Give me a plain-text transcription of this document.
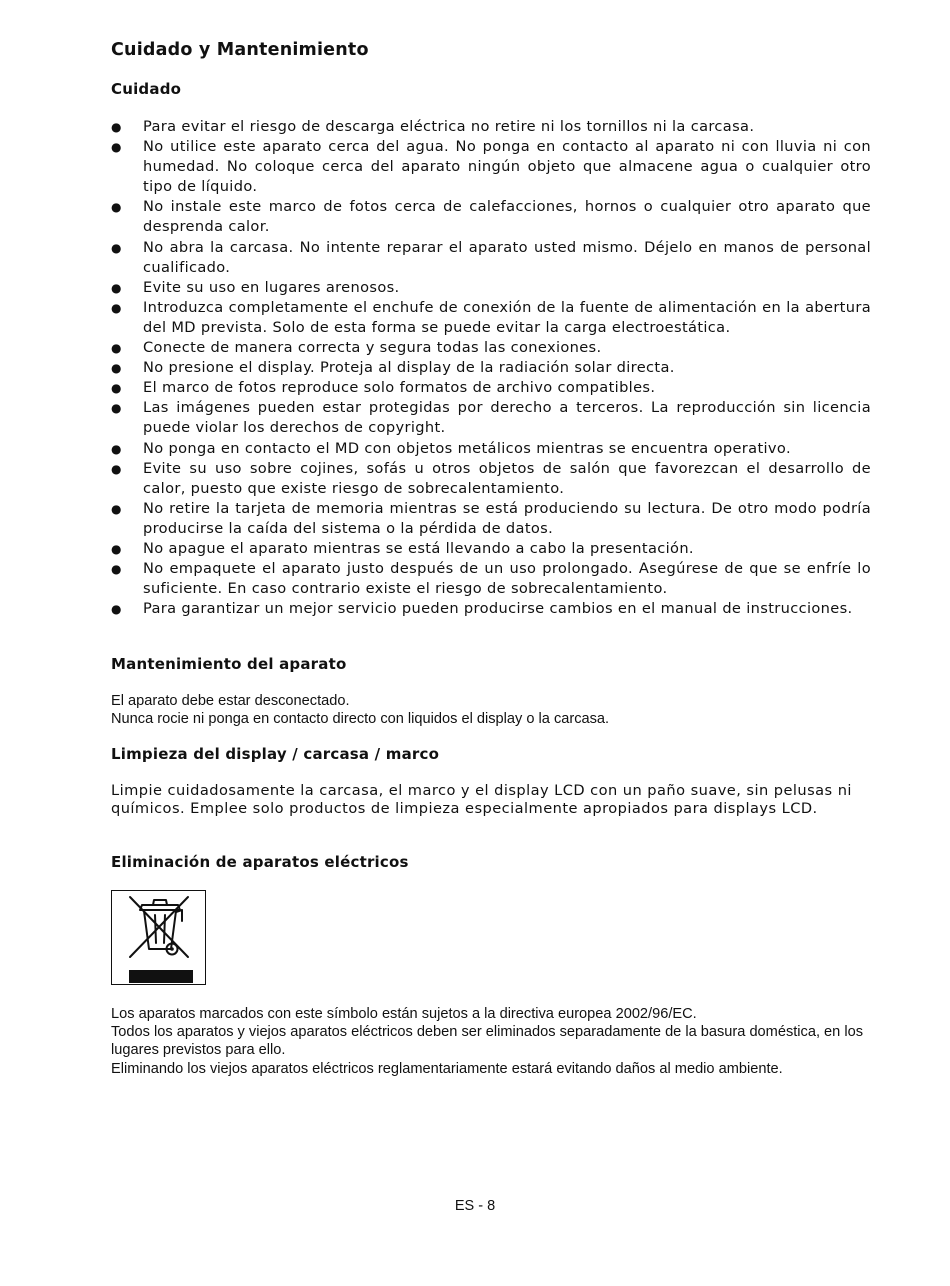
Cuidado y Mantenimiento
Cuidado
● Para evitar el riesgo de descarga eléctrica no retire ni los tornillos ni la carcasa.
● No utilice este aparato cerca del agua. No ponga en contacto al aparato ni con lluvia ni con humedad. No coloque cerca del aparato ningún objeto que almacene agua o cualquier otro tipo de líquido.
● No instale este marco de fotos cerca de calefacciones, hornos o cualquier otro aparato que desprenda calor.
● No abra la carcasa. No intente reparar el aparato usted mismo. Déjelo en manos de personal cualificado.
● Evite su uso en lugares arenosos.
● Introduzca completamente el enchufe de conexión de la fuente de alimentación en la abertura del MD prevista. Solo de esta forma se puede evitar la carga electroestática.
● Conecte de manera correcta y segura todas las conexiones.
● No presione el display. Proteja al display de la radiación solar directa.
● El marco de fotos reproduce solo formatos de archivo compatibles.
● Las imágenes pueden estar protegidas por derecho a terceros. La reproducción sin licencia puede violar los derechos de copyright.
● No ponga en contacto el MD con objetos metálicos mientras se encuentra operativo.
● Evite su uso sobre cojines, sofás u otros objetos de salón que favorezcan el desarrollo de calor, puesto que existe riesgo de sobrecalentamiento.
● No retire la tarjeta de memoria mientras se está produciendo su lectura. De otro modo podría producirse la caída del sistema o la pérdida de datos.
● No apague el aparato mientras se está llevando a cabo la presentación.
● No empaquete el aparato justo después de un uso prolongado. Asegúrese de que se enfríe lo suficiente. En caso contrario existe el riesgo de sobrecalentamiento.
● Para garantizar un mejor servicio pueden producirse cambios en el manual de instrucciones.
Mantenimiento del aparato

El aparato debe estar desconectado.
Nunca rocie ni ponga en contacto directo con liquidos el display o la carcasa.

Limpieza del display / carcasa / marco

Limpie cuidadosamente la carcasa, el marco y el display LCD con un paño suave, sin pelusas ni químicos. Emplee solo productos de limpieza especialmente apropiados para displays LCD.

Eliminación de aparatos eléctricos

Los aparatos marcados con este símbolo están sujetos a la directiva europea 2002/96/EC.
Todos los aparatos y viejos aparatos eléctricos deben ser eliminados separadamente de la basura doméstica, en los lugares previstos para ello.
Eliminando los viejos aparatos eléctricos reglamentariamente estará evitando daños al medio ambiente.

ES - 8
